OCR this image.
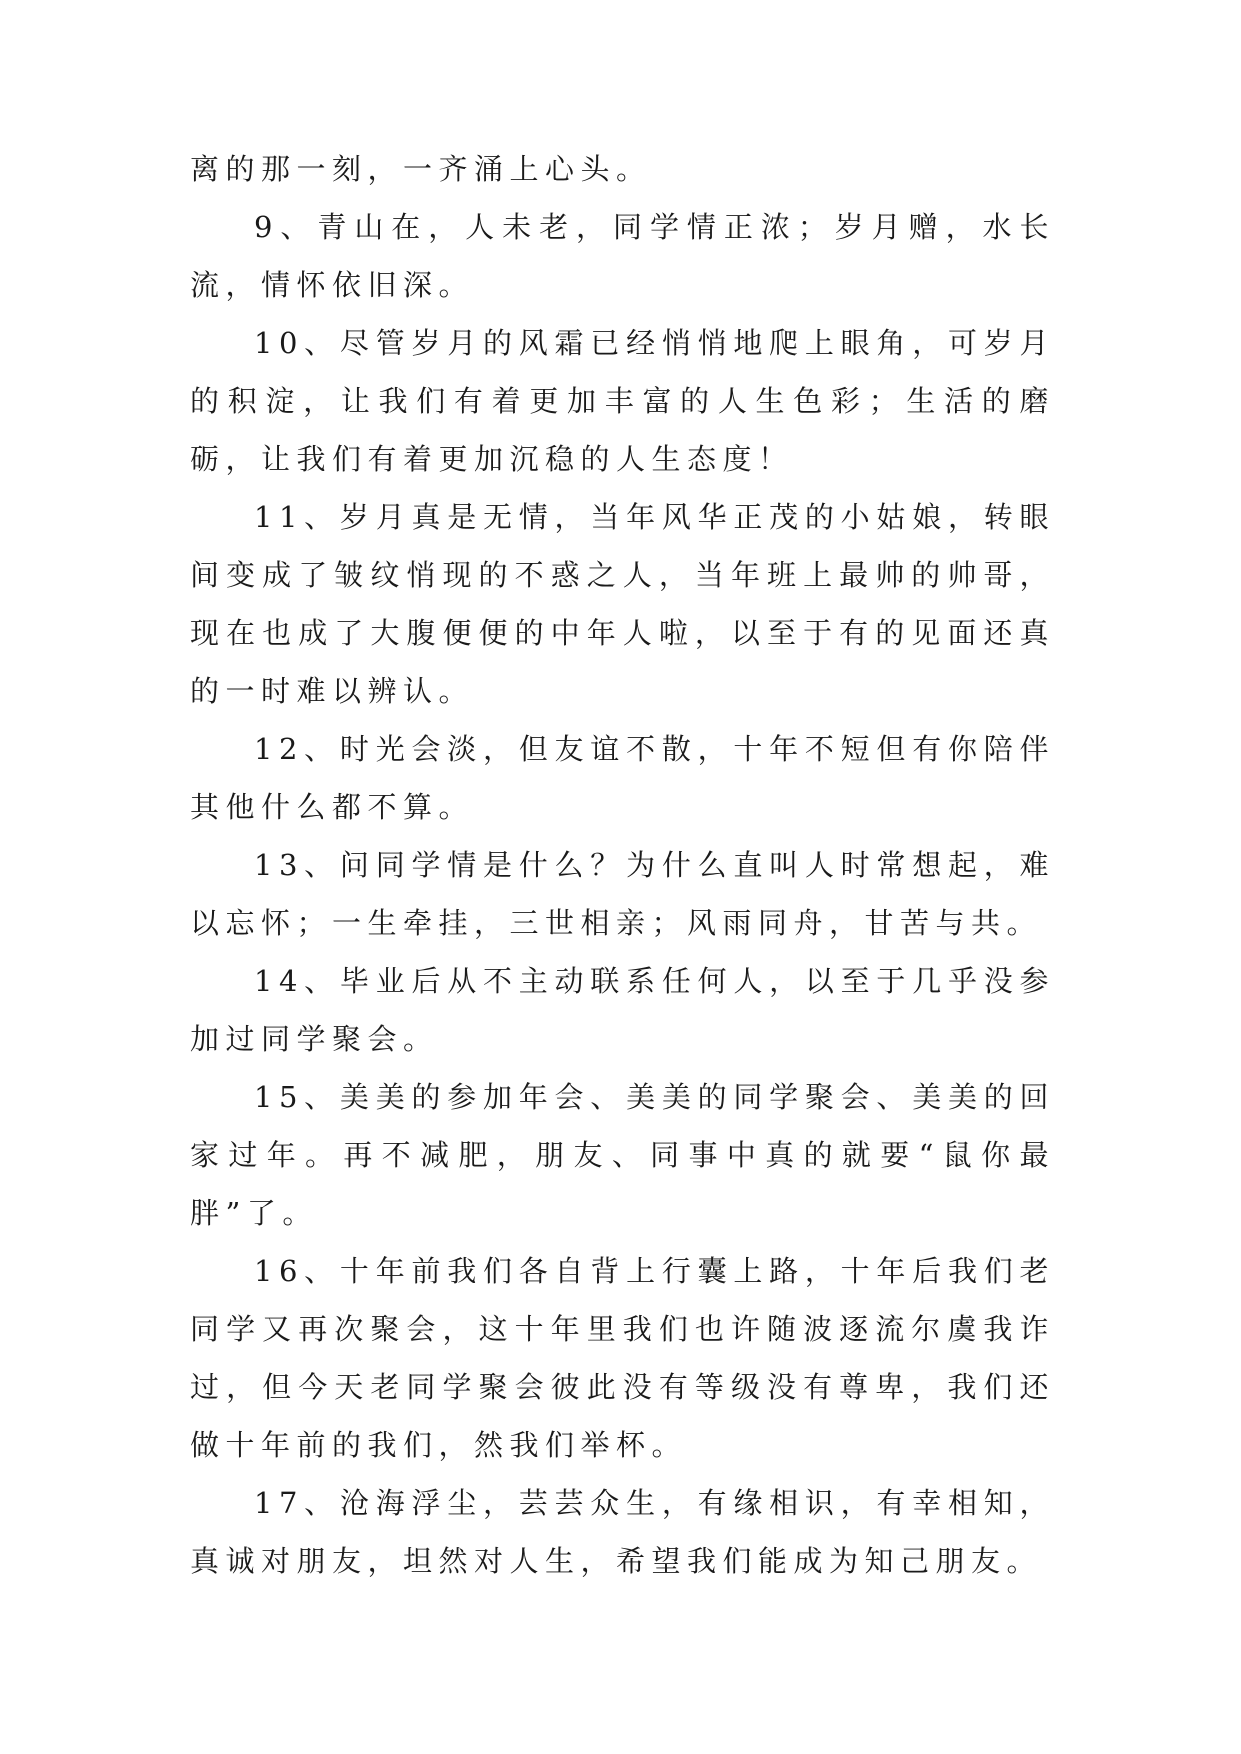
离的那一刻，一齐涌上心头。

9、青山在，人未老，同学情正浓；岁月赠，水长流，情怀依旧深。

10、尽管岁月的风霜已经悄悄地爬上眼角，可岁月的积淀，让我们有着更加丰富的人生色彩；生活的磨砺，让我们有着更加沉稳的人生态度！

11、岁月真是无情，当年风华正茂的小姑娘，转眼间变成了皱纹悄现的不惑之人，当年班上最帅的帅哥，现在也成了大腹便便的中年人啦，以至于有的见面还真的一时难以辨认。

12、时光会淡，但友谊不散，十年不短但有你陪伴其他什么都不算。

13、问同学情是什么？为什么直叫人时常想起，难以忘怀；一生牵挂，三世相亲；风雨同舟，甘苦与共。

14、毕业后从不主动联系任何人，以至于几乎没参加过同学聚会。

15、美美的参加年会、美美的同学聚会、美美的回家过年。再不减肥，朋友、同事中真的就要“鼠你最胖”了。

16、十年前我们各自背上行囊上路，十年后我们老同学又再次聚会，这十年里我们也许随波逐流尔虞我诈过，但今天老同学聚会彼此没有等级没有尊卑，我们还做十年前的我们，然我们举杯。

17、沧海浮尘，芸芸众生，有缘相识，有幸相知，真诚对朋友，坦然对人生，希望我们能成为知己朋友。
